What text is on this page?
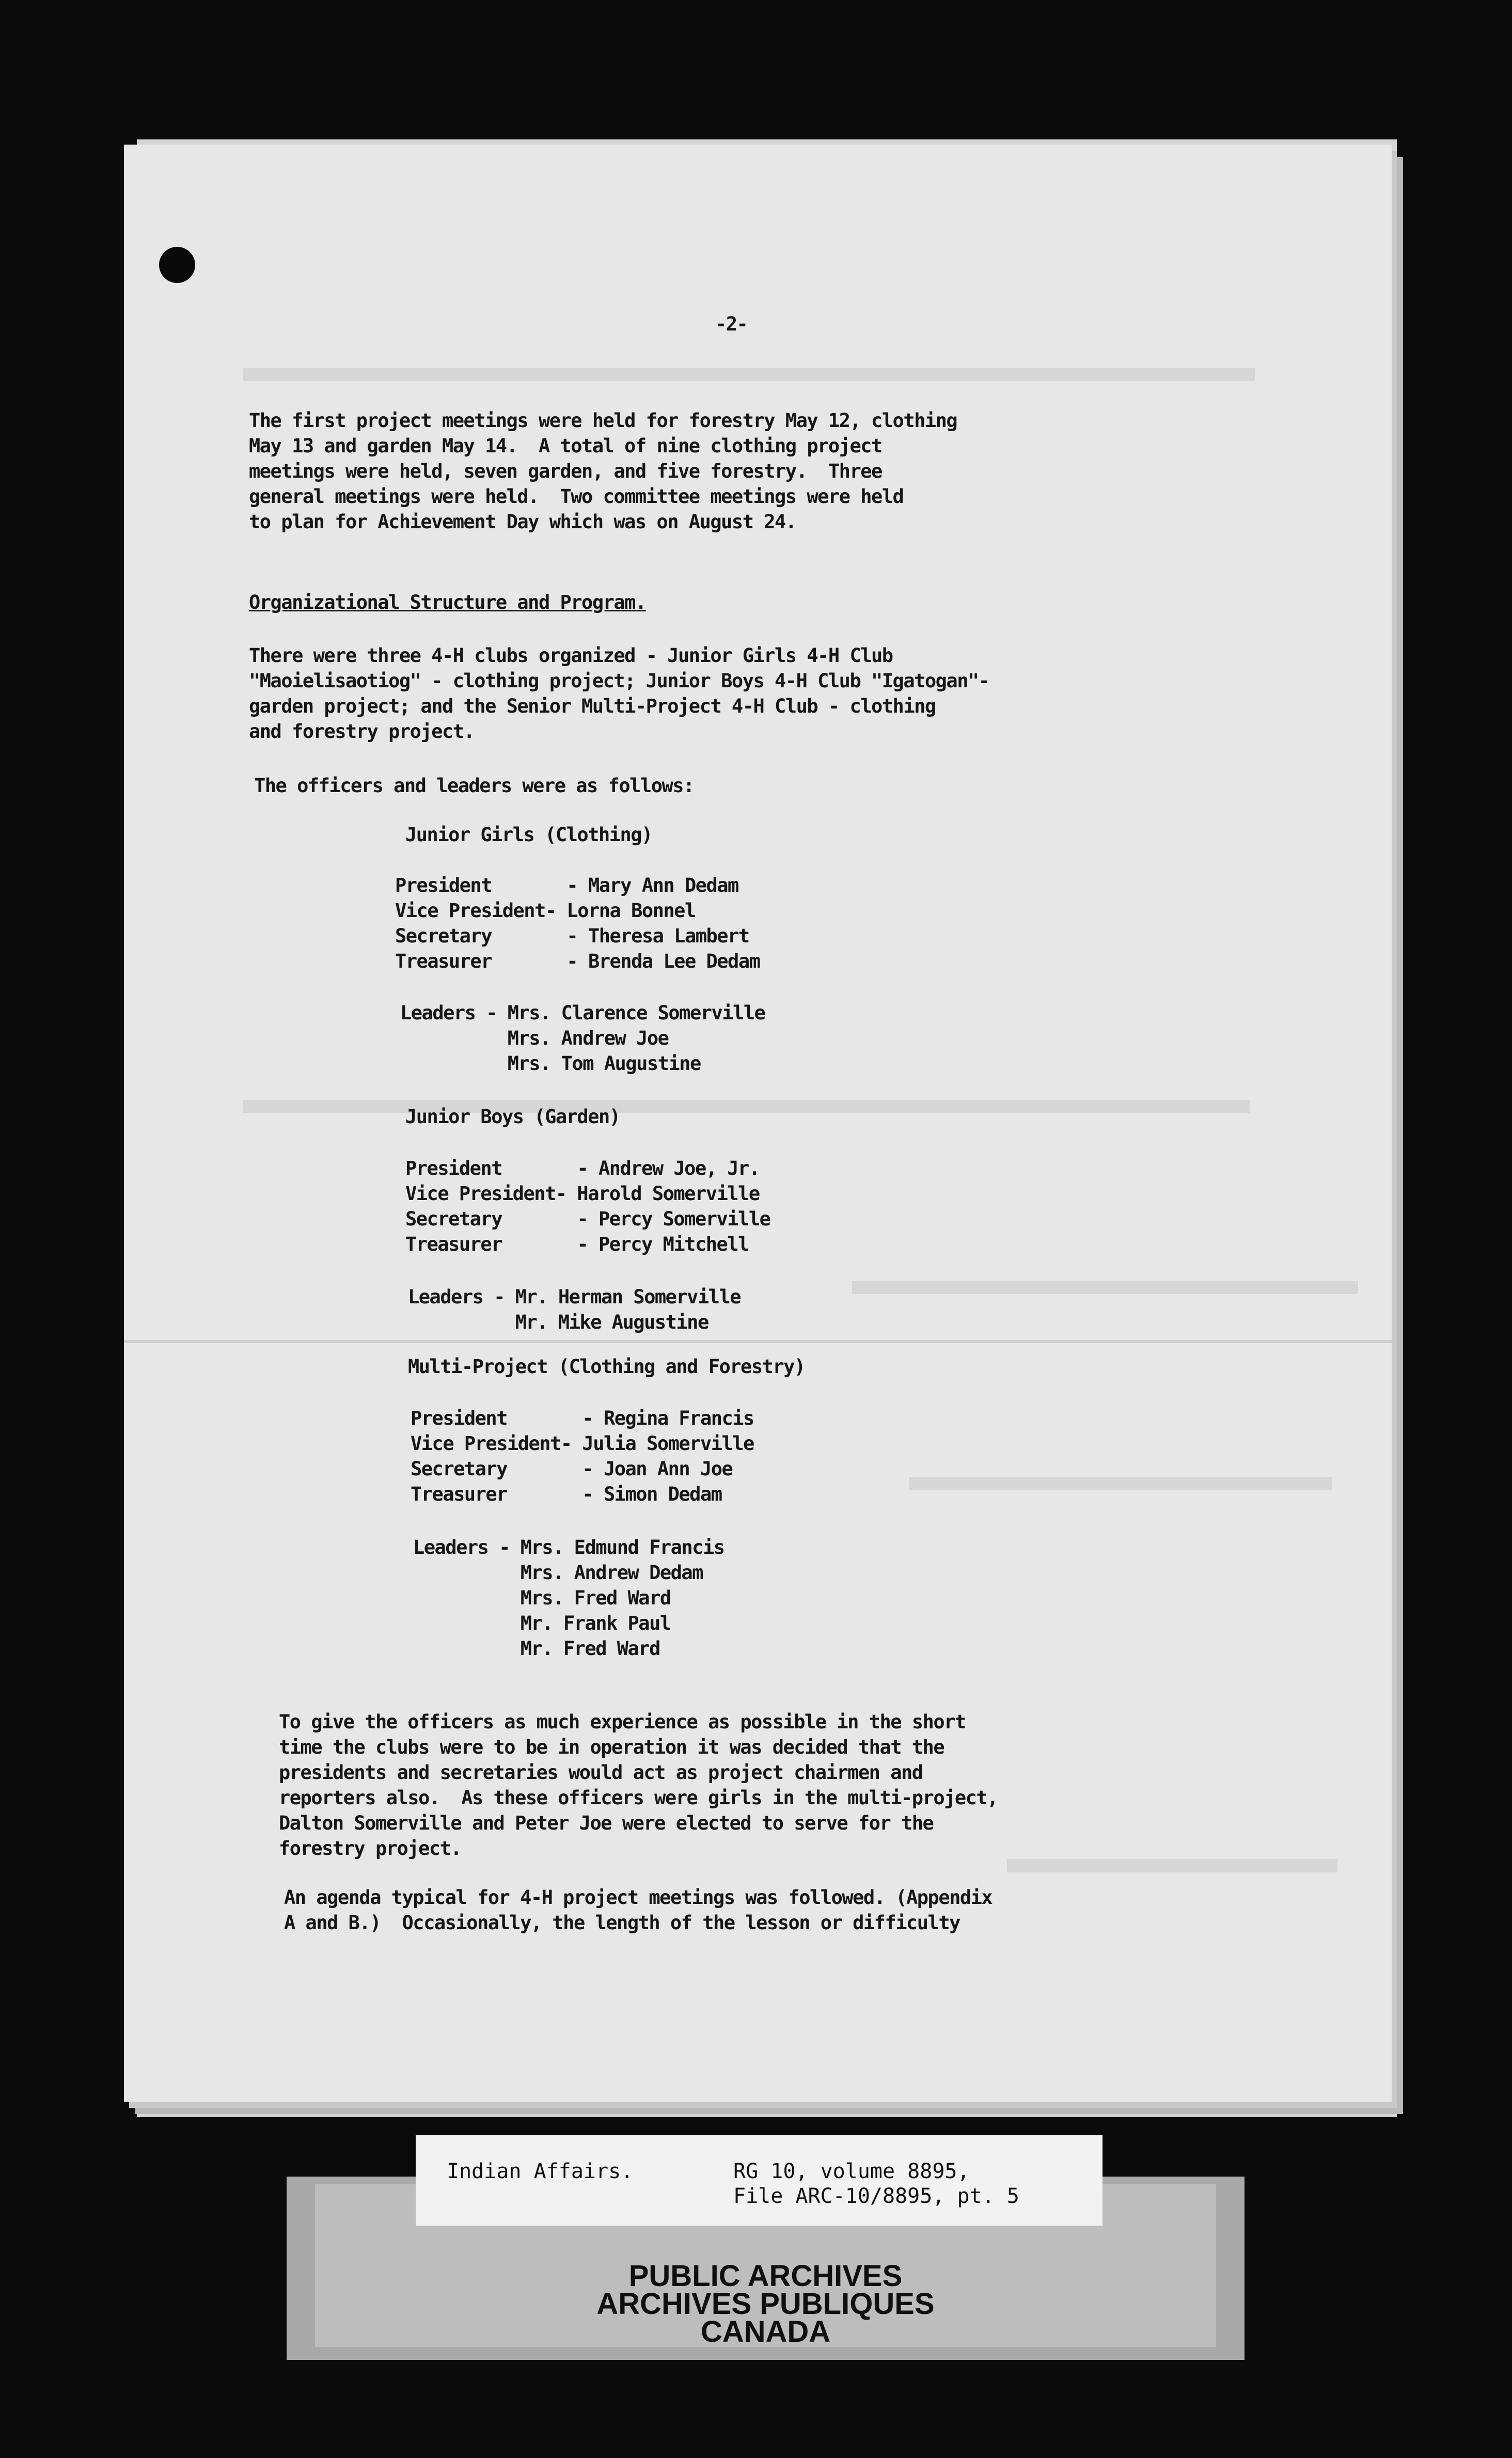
-2-

The first project meetings were held for forestry May 12, clothing

May 13 and garden May 14.  A total of nine clothing project

meetings were held, seven garden, and five forestry.  Three

general meetings were held.  Two committee meetings were held

to plan for Achievement Day which was on August 24.

Organizational Structure and Program.

There were three 4-H clubs organized - Junior Girls 4-H Club

"Maoielisaotiog" - clothing project; Junior Boys 4-H Club "Igatogan"-

garden project; and the Senior Multi-Project 4-H Club - clothing

and forestry project.

The officers and leaders were as follows:

Junior Girls (Clothing)

President       - Mary Ann Dedam

Vice President- Lorna Bonnel

Secretary       - Theresa Lambert

Treasurer       - Brenda Lee Dedam

Leaders - Mrs. Clarence Somerville

Mrs. Andrew Joe

Mrs. Tom Augustine

Junior Boys (Garden)

President       - Andrew Joe, Jr.

Vice President- Harold Somerville

Secretary       - Percy Somerville

Treasurer       - Percy Mitchell

Leaders - Mr. Herman Somerville

Mr. Mike Augustine

Multi-Project (Clothing and Forestry)

President       - Regina Francis

Vice President- Julia Somerville

Secretary       - Joan Ann Joe

Treasurer       - Simon Dedam

Leaders - Mrs. Edmund Francis

Mrs. Andrew Dedam

Mrs. Fred Ward

Mr. Frank Paul

Mr. Fred Ward

To give the officers as much experience as possible in the short

time the clubs were to be in operation it was decided that the

presidents and secretaries would act as project chairmen and

reporters also.  As these officers were girls in the multi-project,

Dalton Somerville and Peter Joe were elected to serve for the

forestry project.

An agenda typical for 4-H project meetings was followed. (Appendix

A and B.)  Occasionally, the length of the lesson or difficulty

PUBLIC ARCHIVES
ARCHIVES PUBLIQUES
CANADA
Indian Affairs.	RG 10, volume 8895,
File ARC-10/8895, pt. 5
